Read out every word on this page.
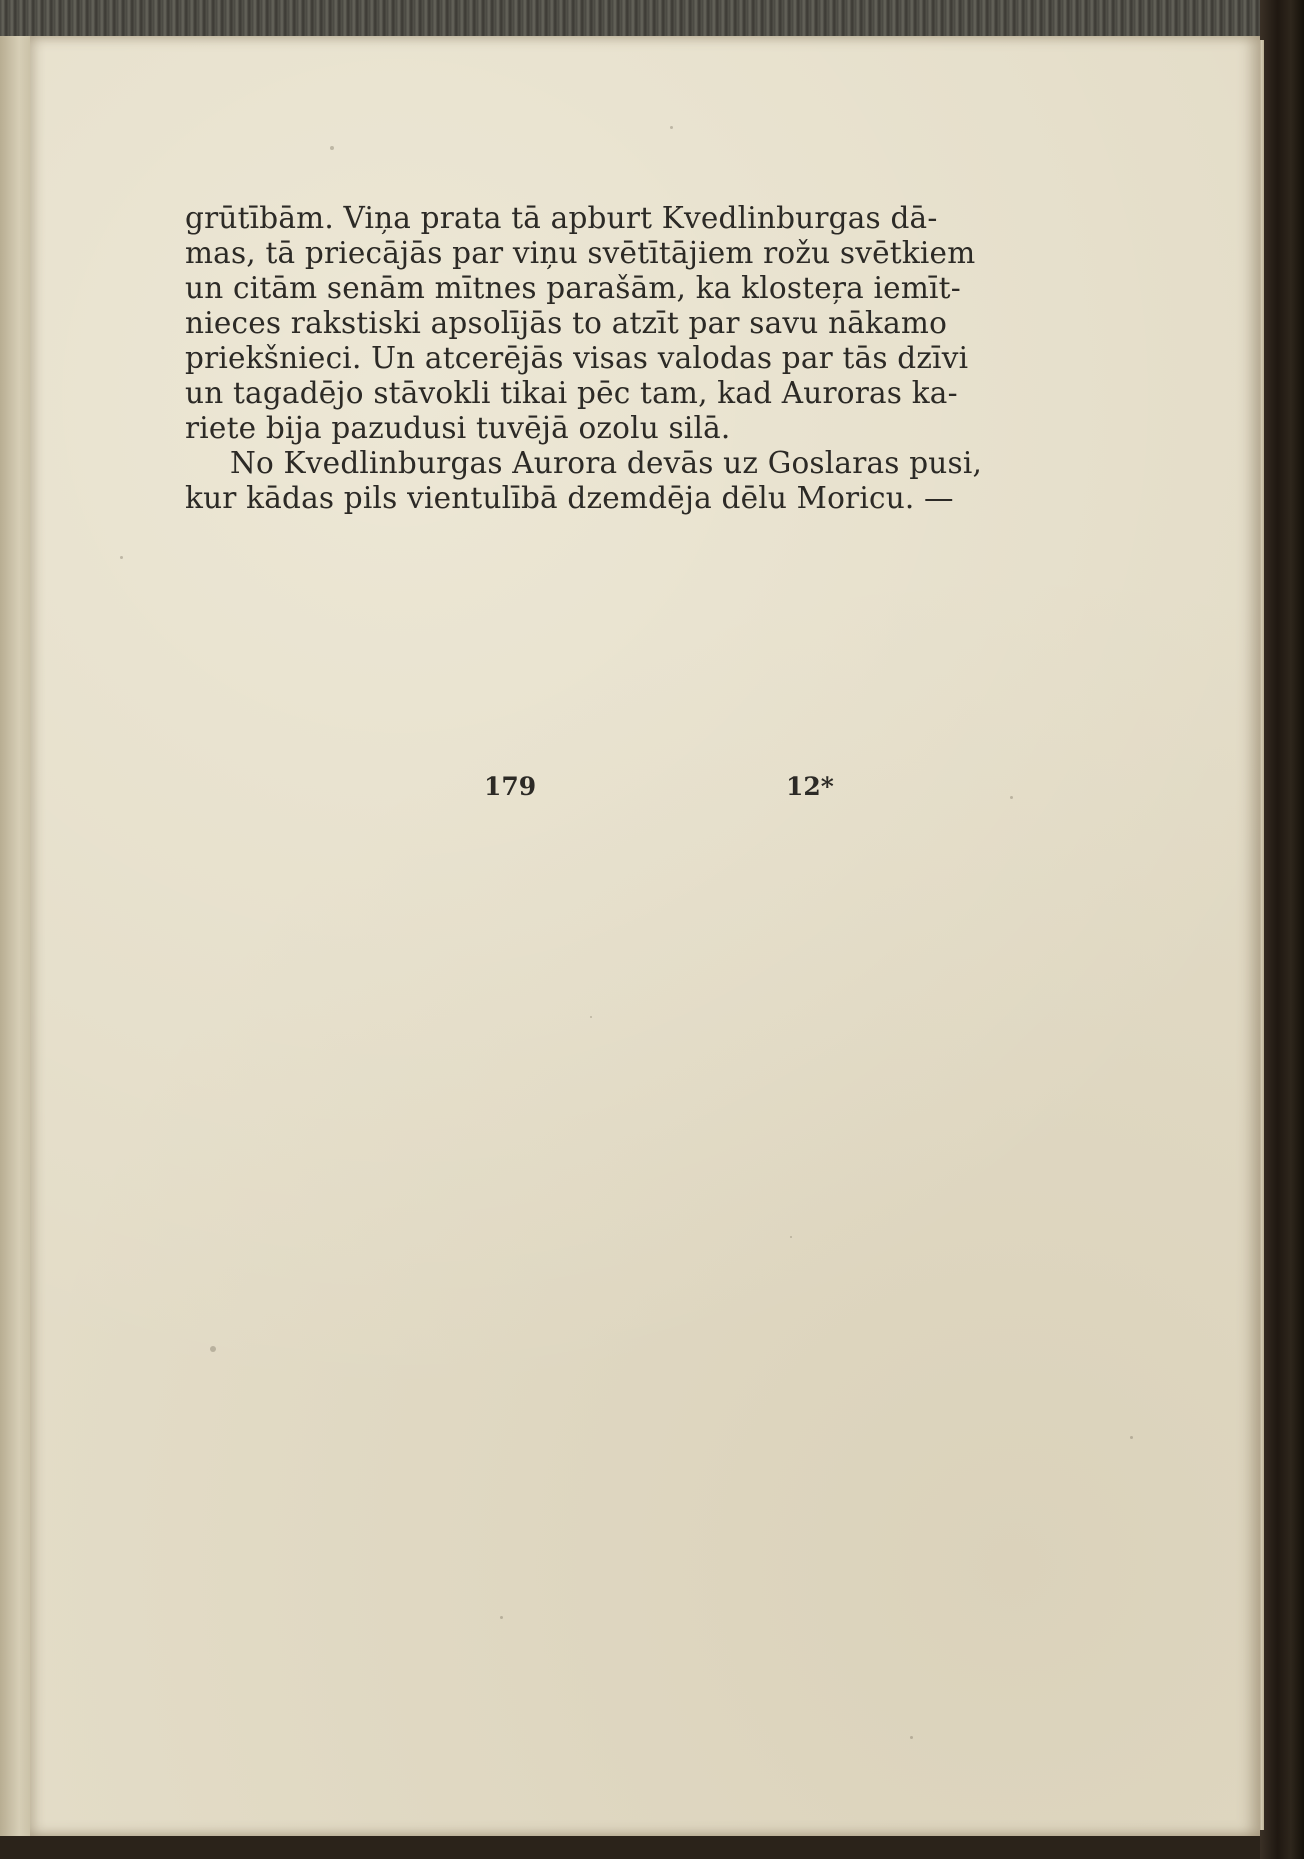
grūtībām. Viņa prata tā apburt Kvedlinburgas dā-
mas, tā priecājās par viņu svētītājiem rožu svētkiem
un citām senām mītnes parašām, ka klosteŗa iemīt-
nieces rakstiski apsolījās to atzīt par savu nākamo
priekšnieci. Un atcerējās visas valodas par tās dzīvi
un tagadējo stāvokli tikai pēc tam, kad Auroras ka-
riete bija pazudusi tuvējā ozolu silā.
No Kvedlinburgas Aurora devās uz Goslaras pusi,
kur kādas pils vientulībā dzemdēja dēlu Moricu. —
179	12*
